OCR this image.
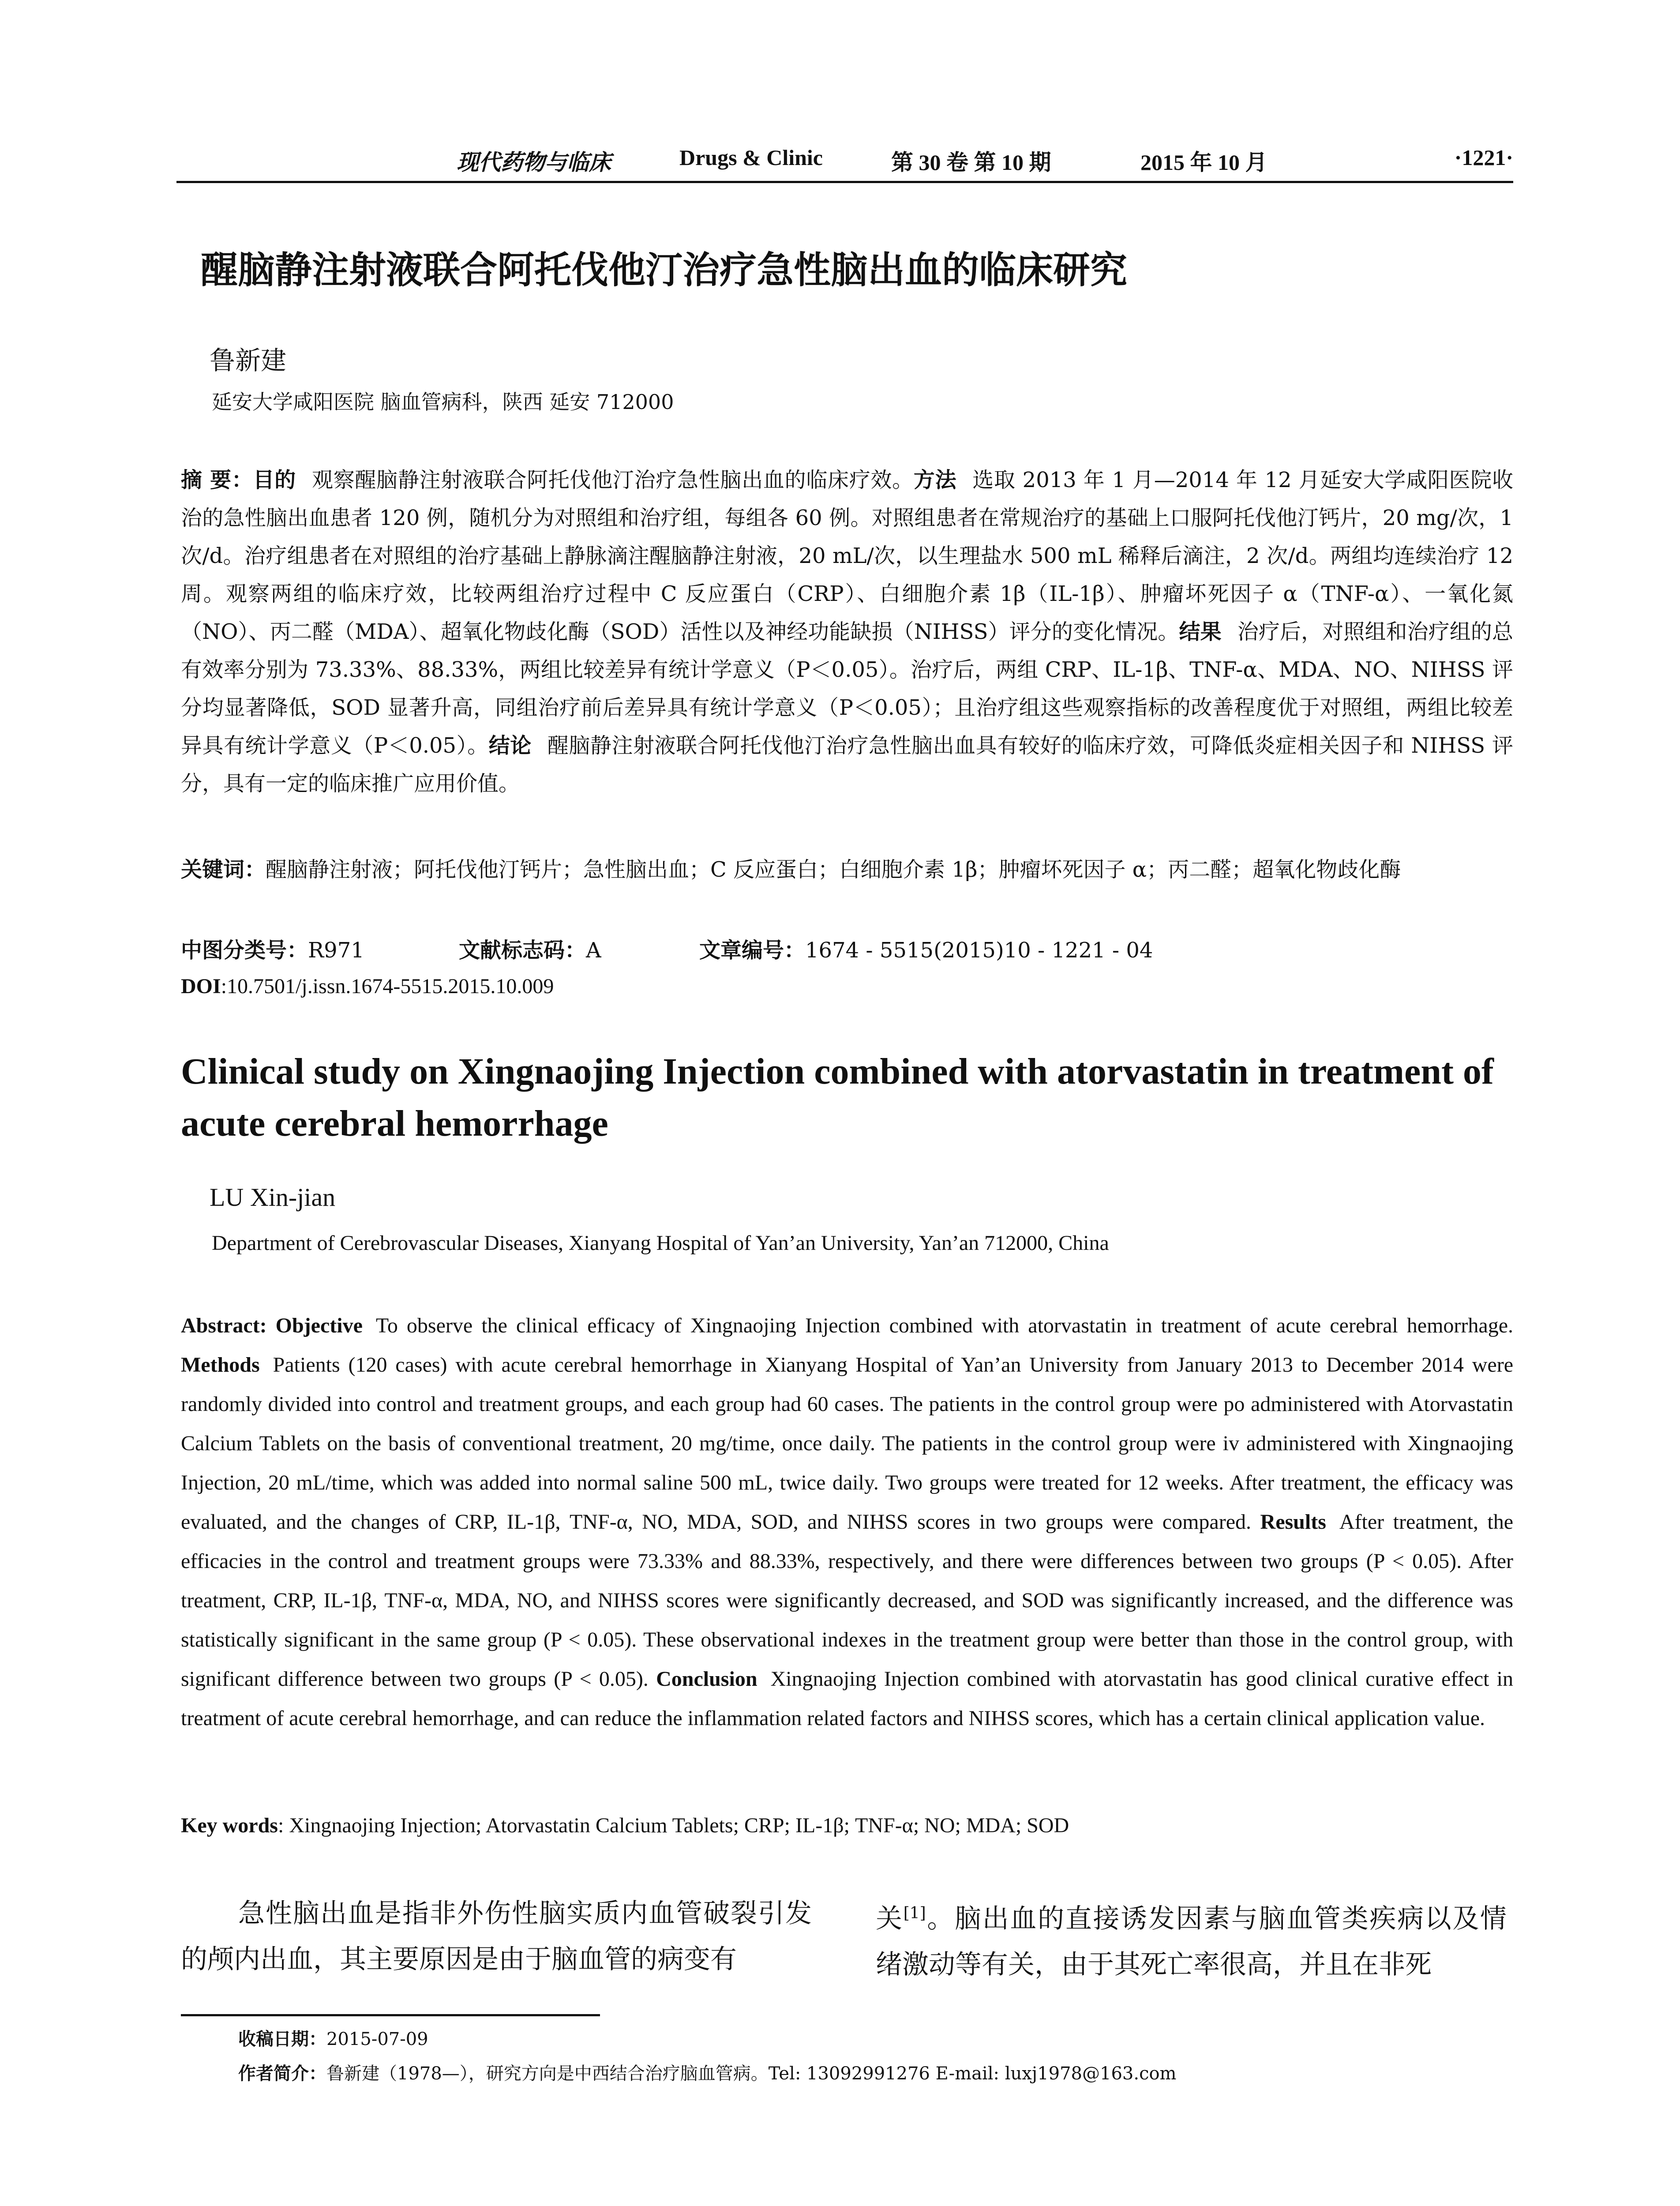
现代药物与临床	Drugs & Clinic	第 30 卷 第 10 期	2015 年 10 月	·1221·
醒脑静注射液联合阿托伐他汀治疗急性脑出血的临床研究
鲁新建
延安大学咸阳医院 脑血管病科，陕西 延安 712000
摘 要：目的 观察醒脑静注射液联合阿托伐他汀治疗急性脑出血的临床疗效。方法 选取 2013 年 1 月—2014 年 12 月延安大学咸阳医院收治的急性脑出血患者 120 例，随机分为对照组和治疗组，每组各 60 例。对照组患者在常规治疗的基础上口服阿托伐他汀钙片，20 mg/次，1 次/d。治疗组患者在对照组的治疗基础上静脉滴注醒脑静注射液，20 mL/次，以生理盐水 500 mL 稀释后滴注，2 次/d。两组均连续治疗 12 周。观察两组的临床疗效，比较两组治疗过程中 C 反应蛋白（CRP）、白细胞介素 1β（IL-1β）、肿瘤坏死因子 α（TNF-α）、一氧化氮（NO）、丙二醛（MDA）、超氧化物歧化酶（SOD）活性以及神经功能缺损（NIHSS）评分的变化情况。结果 治疗后，对照组和治疗组的总有效率分别为 73.33%、88.33%，两组比较差异有统计学意义（P＜0.05）。治疗后，两组 CRP、IL-1β、TNF-α、MDA、NO、NIHSS 评分均显著降低，SOD 显著升高，同组治疗前后差异具有统计学意义（P＜0.05）；且治疗组这些观察指标的改善程度优于对照组，两组比较差异具有统计学意义（P＜0.05）。结论 醒脑静注射液联合阿托伐他汀治疗急性脑出血具有较好的临床疗效，可降低炎症相关因子和 NIHSS 评分，具有一定的临床推广应用价值。
关键词：醒脑静注射液；阿托伐他汀钙片；急性脑出血；C 反应蛋白；白细胞介素 1β；肿瘤坏死因子 α；丙二醛；超氧化物歧化酶
中图分类号：R971	文献标志码：A	文章编号：1674 - 5515(2015)10 - 1221 - 04
DOI:10.7501/j.issn.1674-5515.2015.10.009
Clinical study on Xingnaojing Injection combined with atorvastatin in treatment of acute cerebral hemorrhage
LU Xin-jian
Department of Cerebrovascular Diseases, Xianyang Hospital of Yan’an University, Yan’an 712000, China
Abstract: Objective To observe the clinical efficacy of Xingnaojing Injection combined with atorvastatin in treatment of acute cerebral hemorrhage. Methods Patients (120 cases) with acute cerebral hemorrhage in Xianyang Hospital of Yan’an University from January 2013 to December 2014 were randomly divided into control and treatment groups, and each group had 60 cases. The patients in the control group were po administered with Atorvastatin Calcium Tablets on the basis of conventional treatment, 20 mg/time, once daily. The patients in the control group were iv administered with Xingnaojing Injection, 20 mL/time, which was added into normal saline 500 mL, twice daily. Two groups were treated for 12 weeks. After treatment, the efficacy was evaluated, and the changes of CRP, IL-1β, TNF-α, NO, MDA, SOD, and NIHSS scores in two groups were compared. Results After treatment, the efficacies in the control and treatment groups were 73.33% and 88.33%, respectively, and there were differences between two groups (P < 0.05). After treatment, CRP, IL-1β, TNF-α, MDA, NO, and NIHSS scores were significantly decreased, and SOD was significantly increased, and the difference was statistically significant in the same group (P < 0.05). These observational indexes in the treatment group were better than those in the control group, with significant difference between two groups (P < 0.05). Conclusion Xingnaojing Injection combined with atorvastatin has good clinical curative effect in treatment of acute cerebral hemorrhage, and can reduce the inflammation related factors and NIHSS scores, which has a certain clinical application value.
Key words: Xingnaojing Injection; Atorvastatin Calcium Tablets; CRP; IL-1β; TNF-α; NO; MDA; SOD
急性脑出血是指非外伤性脑实质内血管破裂引发的颅内出血，其主要原因是由于脑血管的病变有
关[1]。脑出血的直接诱发因素与脑血管类疾病以及情绪激动等有关，由于其死亡率很高，并且在非死
收稿日期：2015-07-09
作者简介：鲁新建（1978—），研究方向是中西结合治疗脑血管病。Tel: 13092991276 E-mail: luxj1978@163.com
